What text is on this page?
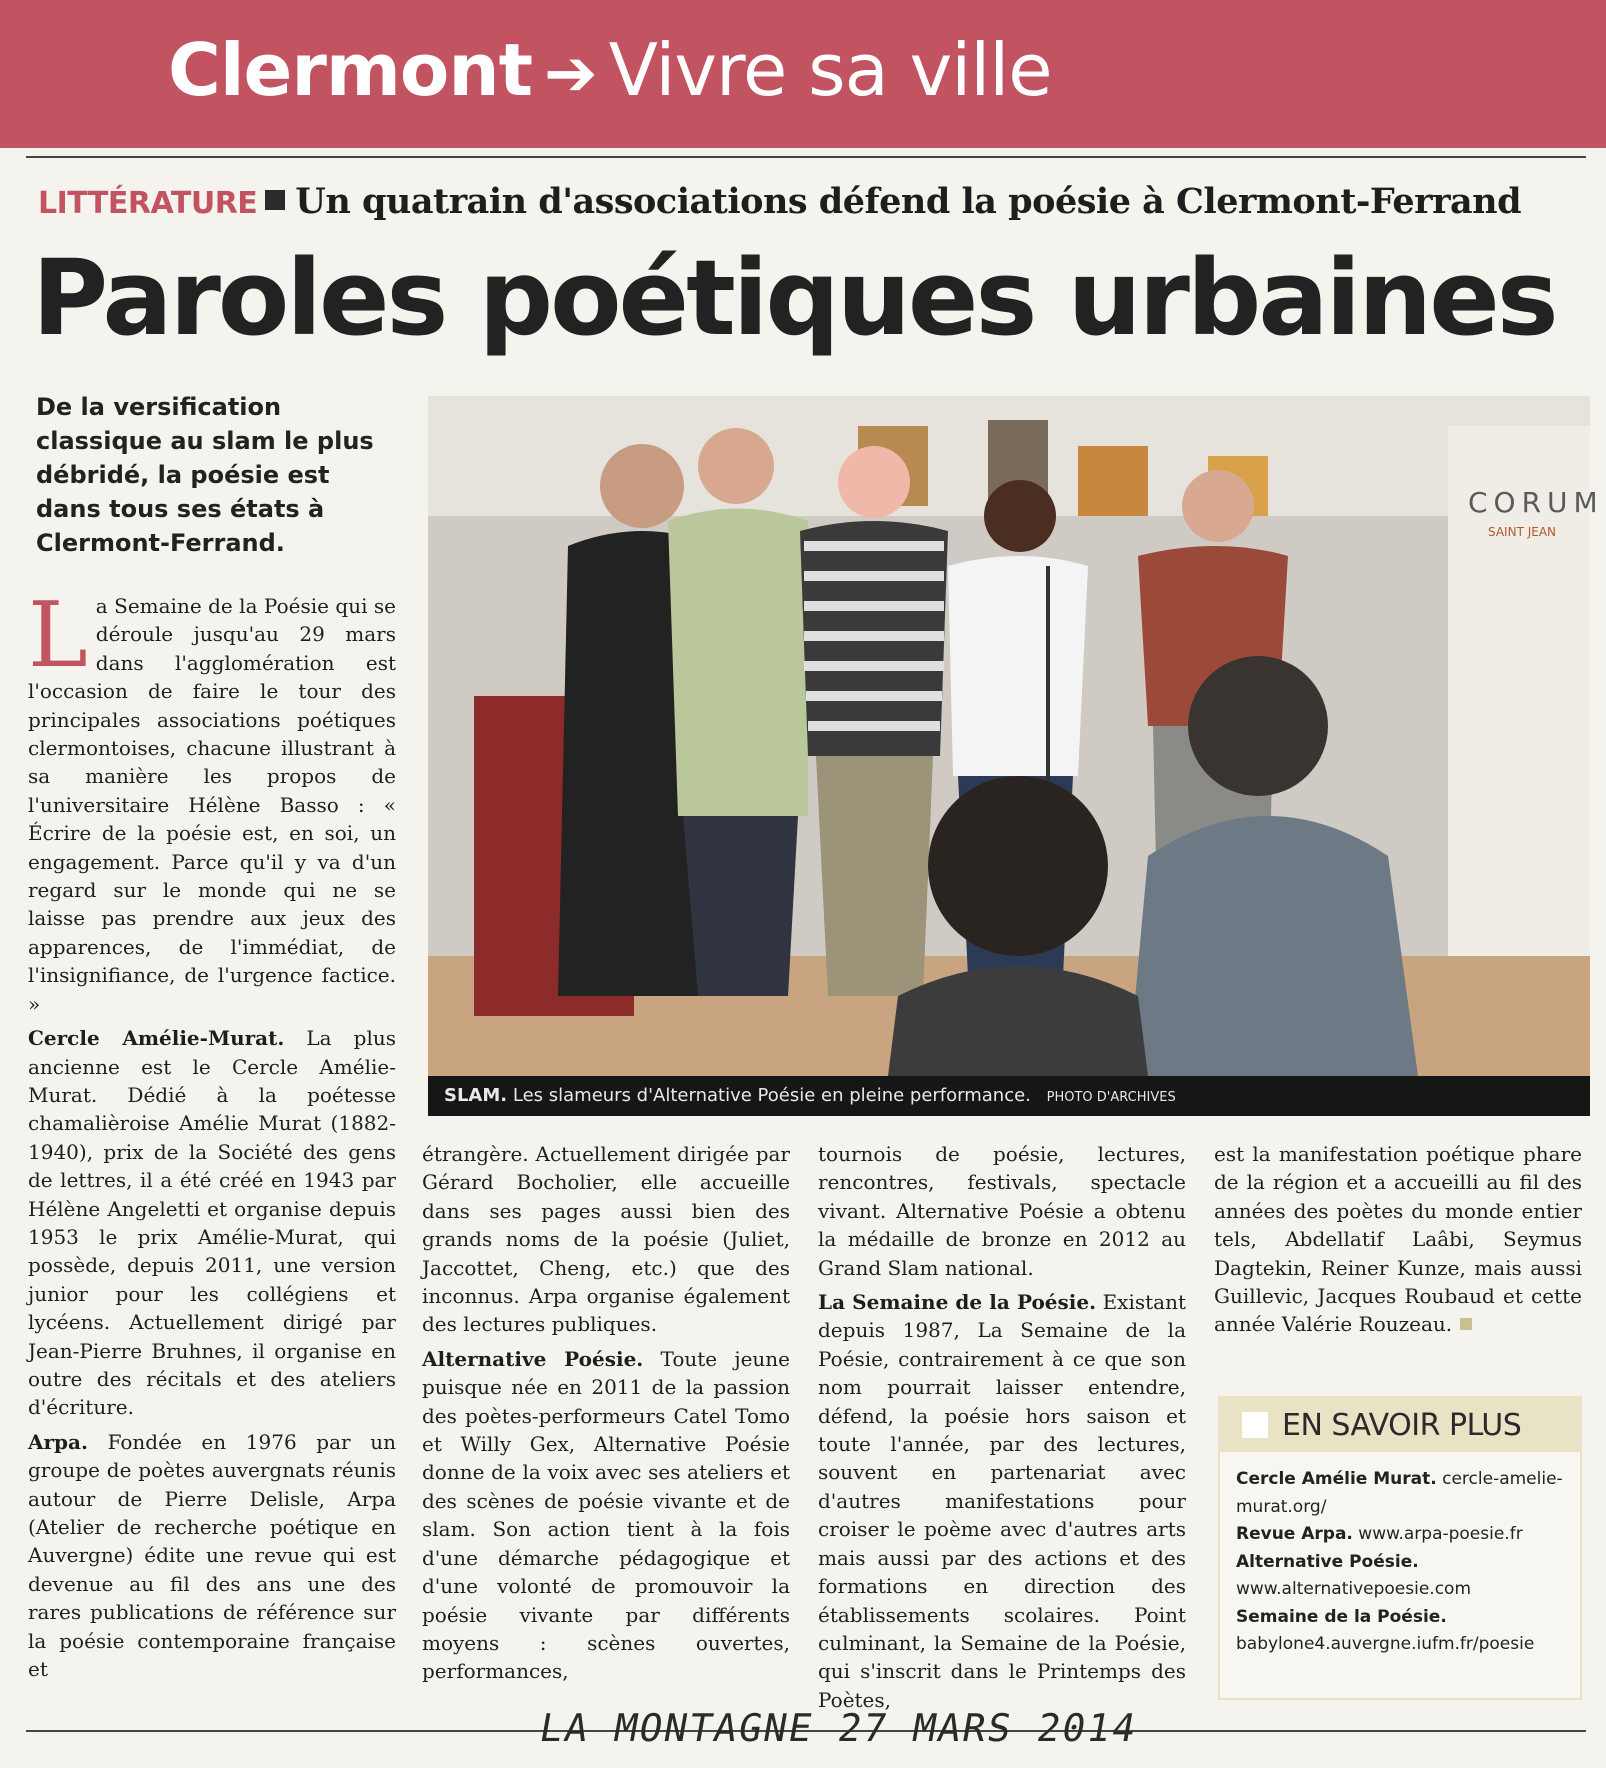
Clermont ➔ Vivre sa ville
LITTÉRATURE Un quatrain d'associations défend la poésie à Clermont-Ferrand
Paroles poétiques urbaines

De la versification classique au slam le plus débridé, la poésie est dans tous ses états à Clermont-Ferrand.

La Semaine de la Poésie qui se déroule jusqu'au 29 mars dans l'agglomération est l'occasion de faire le tour des principales associations poétiques clermontoises, chacune illustrant à sa manière les propos de l'universitaire Hélène Basso : « Écrire de la poésie est, en soi, un engagement. Parce qu'il y va d'un regard sur le monde qui ne se laisse pas prendre aux jeux des apparences, de l'immédiat, de l'insignifiance, de l'urgence factice. »

Cercle Amélie-Murat. La plus ancienne est le Cercle Amélie-Murat. Dédié à la poétesse chamalièroise Amélie Murat (1882-1940), prix de la Société des gens de lettres, il a été créé en 1943 par Hélène Angeletti et organise depuis 1953 le prix Amélie-Murat, qui possède, depuis 2011, une version junior pour les collégiens et lycéens. Actuellement dirigé par Jean-Pierre Bruhnes, il organise en outre des récitals et des ateliers d'écriture.

Arpa. Fondée en 1976 par un groupe de poètes auvergnats réunis autour de Pierre Delisle, Arpa (Atelier de recherche poétique en Auvergne) édite une revue qui est devenue au fil des ans une des rares publications de référence sur la poésie contemporaine française et

CORUM
SAINT JEAN
SLAM. Les slameurs d'Alternative Poésie en pleine performance. PHOTO D'ARCHIVES

étrangère. Actuellement dirigée par Gérard Bocholier, elle accueille dans ses pages aussi bien des grands noms de la poésie (Juliet, Jaccottet, Cheng, etc.) que des inconnus. Arpa organise également des lectures publiques.

Alternative Poésie. Toute jeune puisque née en 2011 de la passion des poètes-performeurs Catel Tomo et Willy Gex, Alternative Poésie donne de la voix avec ses ateliers et des scènes de poésie vivante et de slam. Son action tient à la fois d'une démarche pédagogique et d'une volonté de promouvoir la poésie vivante par différents moyens : scènes ouvertes, performances,

tournois de poésie, lectures, rencontres, festivals, spectacle vivant. Alternative Poésie a obtenu la médaille de bronze en 2012 au Grand Slam national.

La Semaine de la Poésie. Existant depuis 1987, La Semaine de la Poésie, contrairement à ce que son nom pourrait laisser entendre, défend, la poésie hors saison et toute l'année, par des lectures, souvent en partenariat avec d'autres manifestations pour croiser le poème avec d'autres arts mais aussi par des actions et des formations en direction des établissements scolaires. Point culminant, la Semaine de la Poésie, qui s'inscrit dans le Printemps des Poètes,

est la manifestation poétique phare de la région et a accueilli au fil des années des poètes du monde entier tels, Abdellatif Laâbi, Seymus Dagtekin, Reiner Kunze, mais aussi Guillevic, Jacques Roubaud et cette année Valérie Rouzeau.

EN SAVOIR PLUS
Cercle Amélie Murat. cercle-amelie-murat.org/
Revue Arpa. www.arpa-poesie.fr
Alternative Poésie. www.alternativepoesie.com
Semaine de la Poésie. babylone4.auvergne.iufm.fr/poesie
LA MONTAGNE 27 MARS 2014
